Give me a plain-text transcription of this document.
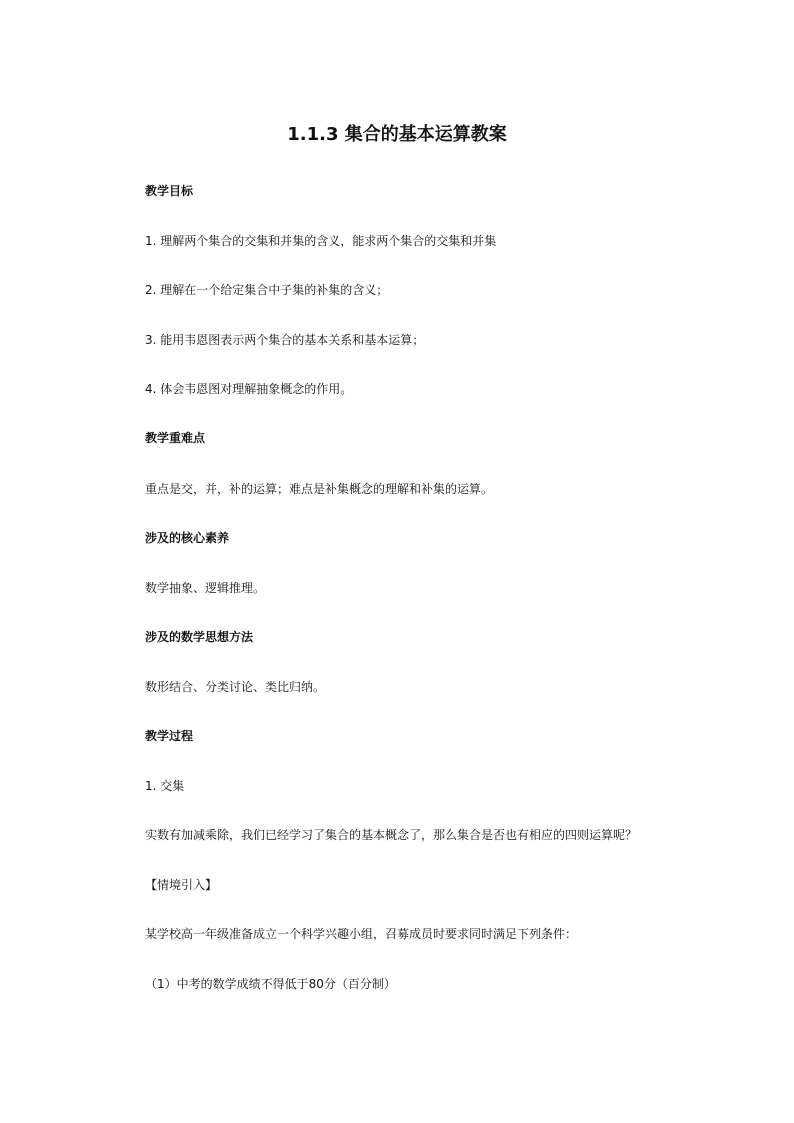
1.1.3 集合的基本运算教案
教学目标
1. 理解两个集合的交集和并集的含义，能求两个集合的交集和并集
2. 理解在一个给定集合中子集的补集的含义；
3. 能用韦恩图表示两个集合的基本关系和基本运算；
4. 体会韦恩图对理解抽象概念的作用。
教学重难点
重点是交，并，补的运算；难点是补集概念的理解和补集的运算。
涉及的核心素养
数学抽象、逻辑推理。
涉及的数学思想方法
数形结合、分类讨论、类比归纳。
教学过程
1. 交集
实数有加减乘除，我们已经学习了集合的基本概念了，那么集合是否也有相应的四则运算呢？
【情境引入】
某学校高一年级准备成立一个科学兴趣小组，召募成员时要求同时满足下列条件：
（1）中考的数学成绩不得低于80分（百分制）
